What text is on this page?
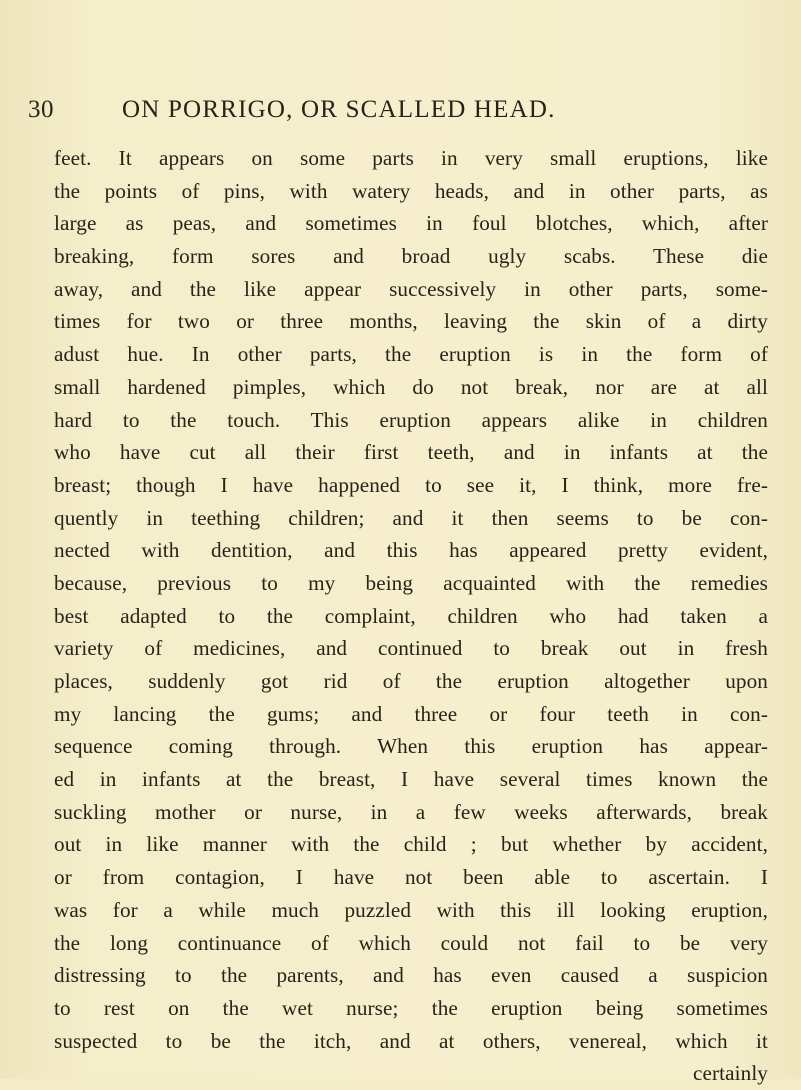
30	ON PORRIGO, OR SCALLED HEAD.
feet. It appears on some parts in very small eruptions, like
the points of pins, with watery heads, and in other parts, as
large as peas, and sometimes in foul blotches, which, after
breaking, form sores and broad ugly scabs. These die
away, and the like appear successively in other parts, some-
times for two or three months, leaving the skin of a dirty
adust hue. In other parts, the eruption is in the form of
small hardened pimples, which do not break, nor are at all
hard to the touch. This eruption appears alike in children
who have cut all their first teeth, and in infants at the
breast; though I have happened to see it, I think, more fre-
quently in teething children; and it then seems to be con-
nected with dentition, and this has appeared pretty evident,
because, previous to my being acquainted with the remedies
best adapted to the complaint, children who had taken a
variety of medicines, and continued to break out in fresh
places, suddenly got rid of the eruption altogether upon
my lancing the gums; and three or four teeth in con-
sequence coming through. When this eruption has appear-
ed in infants at the breast, I have several times known the
suckling mother or nurse, in a few weeks afterwards, break
out in like manner with the child ; but whether by accident,
or from contagion, I have not been able to ascertain. I
was for a while much puzzled with this ill looking eruption,
the long continuance of which could not fail to be very
distressing to the parents, and has even caused a suspicion
to rest on the wet nurse; the eruption being sometimes
suspected to be the itch, and at others, venereal, which it
certainly
